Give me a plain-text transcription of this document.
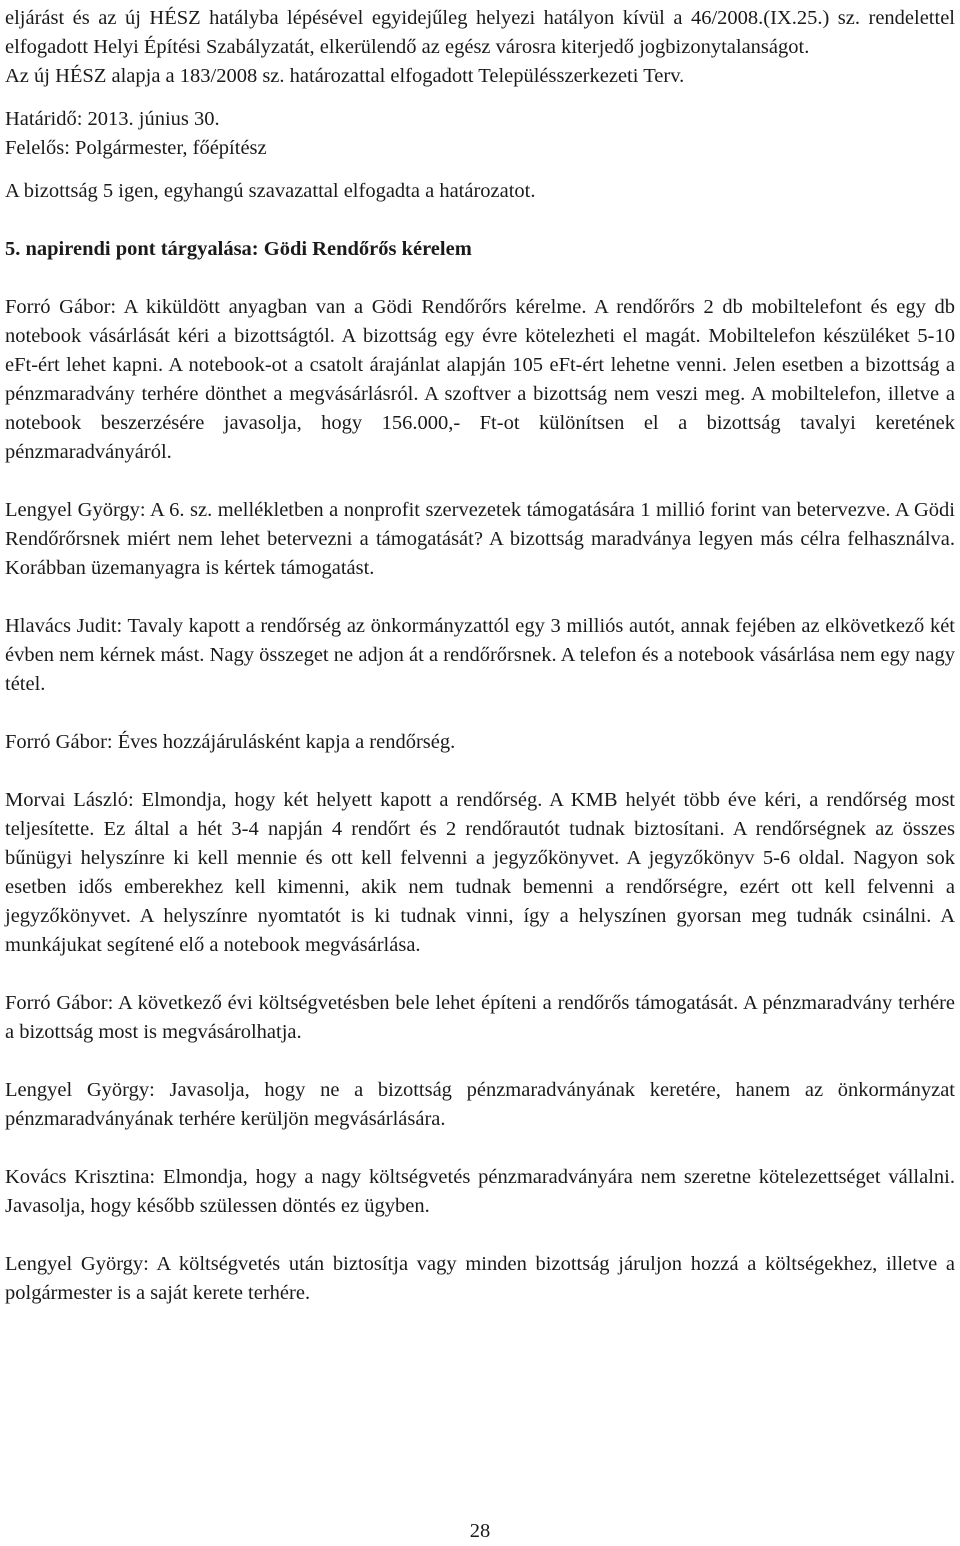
eljárást és az új HÉSZ hatályba lépésével egyidejűleg helyezi hatályon kívül a 46/2008.(IX.25.) sz. rendelettel elfogadott Helyi Építési Szabályzatát, elkerülendő az egész városra kiterjedő jogbizonytalanságot.

Az új HÉSZ alapja a 183/2008 sz. határozattal elfogadott Településszerkezeti Terv.

Határidő: 2013. június 30.

Felelős: Polgármester, főépítész

A bizottság 5 igen, egyhangú szavazattal elfogadta a határozatot.

5. napirendi pont tárgyalása: Gödi Rendőrős kérelem

Forró Gábor: A kiküldött anyagban van a Gödi Rendőrőrs kérelme. A rendőrőrs 2 db mobiltelefont és egy db notebook vásárlását kéri a bizottságtól. A bizottság egy évre kötelezheti el magát. Mobiltelefon készüléket 5-10 eFt-ért lehet kapni. A notebook-ot a csatolt árajánlat alapján 105 eFt-ért lehetne venni. Jelen esetben a bizottság a pénzmaradvány terhére dönthet a megvásárlásról. A szoftver a bizottság nem veszi meg. A mobiltelefon, illetve a notebook beszerzésére javasolja, hogy 156.000,- Ft-ot különítsen el a bizottság tavalyi keretének pénzmaradványáról.

Lengyel György: A 6. sz. mellékletben a nonprofit szervezetek támogatására 1 millió forint van betervezve. A Gödi Rendőrőrsnek miért nem lehet betervezni a támogatását? A bizottság maradványa legyen más célra felhasználva. Korábban üzemanyagra is kértek támogatást.

Hlavács Judit: Tavaly kapott a rendőrség az önkormányzattól egy 3 milliós autót, annak fejében az elkövetkező két évben nem kérnek mást. Nagy összeget ne adjon át a rendőrőrsnek. A telefon és a notebook vásárlása nem egy nagy tétel.

Forró Gábor: Éves hozzájárulásként kapja a rendőrség.

Morvai László: Elmondja, hogy két helyett kapott a rendőrség. A KMB helyét több éve kéri, a rendőrség most teljesítette. Ez által a hét 3-4 napján 4 rendőrt és 2 rendőrautót tudnak biztosítani. A rendőrségnek az összes bűnügyi helyszínre ki kell mennie és ott kell felvenni a jegyzőkönyvet. A jegyzőkönyv 5-6 oldal. Nagyon sok esetben idős emberekhez kell kimenni, akik nem tudnak bemenni a rendőrségre, ezért ott kell felvenni a jegyzőkönyvet. A helyszínre nyomtatót is ki tudnak vinni, így a helyszínen gyorsan meg tudnák csinálni. A munkájukat segítené elő a notebook megvásárlása.

Forró Gábor: A következő évi költségvetésben bele lehet építeni a rendőrős támogatását. A pénzmaradvány terhére a bizottság most is megvásárolhatja.

Lengyel György: Javasolja, hogy ne a bizottság pénzmaradványának keretére, hanem az önkormányzat pénzmaradványának terhére kerüljön megvásárlására.

Kovács Krisztina: Elmondja, hogy a nagy költségvetés pénzmaradványára nem szeretne kötelezettséget vállalni. Javasolja, hogy később szülessen döntés ez ügyben.

Lengyel György: A költségvetés után biztosítja vagy minden bizottság járuljon hozzá a költségekhez, illetve a polgármester is a saját kerete terhére.

28
